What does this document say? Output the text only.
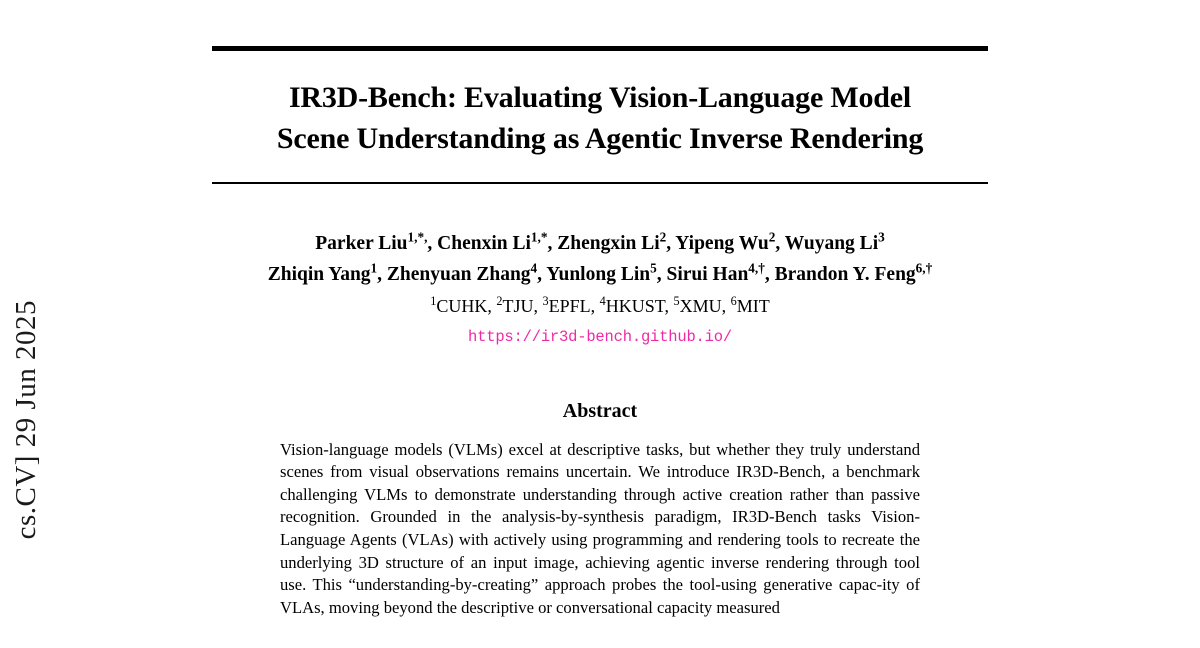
cs.CV] 29 Jun 2025
IR3D-Bench: Evaluating Vision-Language Model
Scene Understanding as Agentic Inverse Rendering
Parker Liu$^{1,*,}$, Chenxin $Li^{1,*}$, Zhengxin Li$^2$, Yipeng Wu$^2$, Wuyang Li$^3$
Zhiqin Yang$^1$, Zhenyuan Zhang$^4$, Yunlong Lin$^5$, Sirui Han$^{4,\dagger}$, Brandon Y. Feng$^{6,\dagger}$
$^1$CUHK, $^2$TJU, $^3$EPFL, $^4$HKUST, $^5$XMU, $^6$MIT
https://ir3d-bench.github.io/
Abstract

Vision-language models (VLMs) excel at descriptive tasks, but whether they truly understand scenes from visual observations remains uncertain. We introduce IR3D-Bench, a benchmark challenging VLMs to demonstrate understanding through active creation rather than passive recognition. Grounded in the analysis-by-synthesis paradigm, IR3D-Bench tasks Vision-Language Agents (VLAs) with actively using programming and rendering tools to recreate the underlying 3D structure of an input image, achieving agentic inverse rendering through tool use. This “understanding-by-creating” approach probes the tool-using generative capac-ity of VLAs, moving beyond the descriptive or conversational capacity measured
